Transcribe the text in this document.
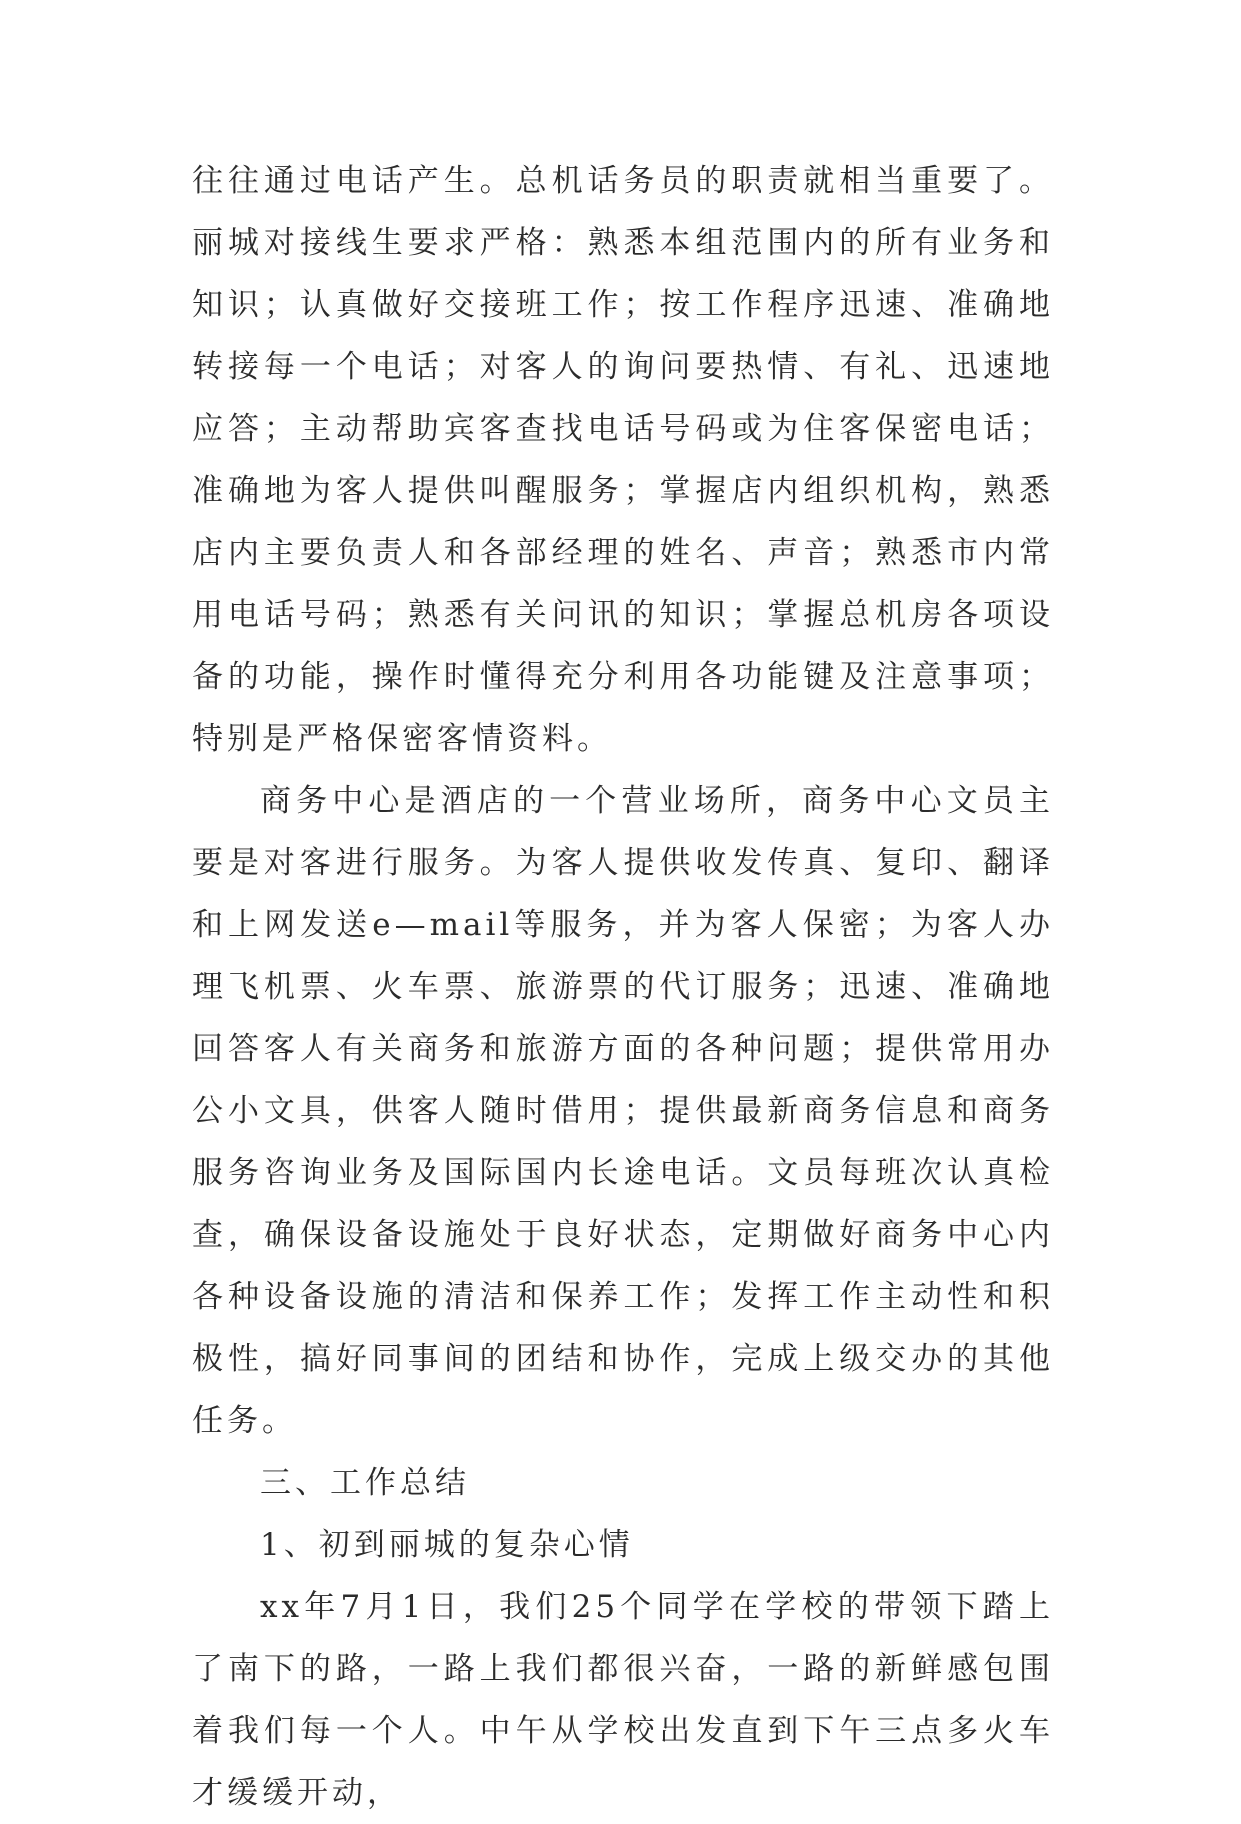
往往通过电话产生。总机话务员的职责就相当重要了。丽城对接线生要求严格：熟悉本组范围内的所有业务和知识；认真做好交接班工作；按工作程序迅速、准确地转接每一个电话；对客人的询问要热情、有礼、迅速地应答；主动帮助宾客查找电话号码或为住客保密电话；准确地为客人提供叫醒服务；掌握店内组织机构，熟悉店内主要负责人和各部经理的姓名、声音；熟悉市内常用电话号码；熟悉有关问讯的知识；掌握总机房各项设备的功能，操作时懂得充分利用各功能键及注意事项；特别是严格保密客情资料。

商务中心是酒店的一个营业场所，商务中心文员主要是对客进行服务。为客人提供收发传真、复印、翻译和上网发送e—mail等服务，并为客人保密；为客人办理飞机票、火车票、旅游票的代订服务；迅速、准确地回答客人有关商务和旅游方面的各种问题；提供常用办公小文具，供客人随时借用；提供最新商务信息和商务服务咨询业务及国际国内长途电话。文员每班次认真检查，确保设备设施处于良好状态，定期做好商务中心内各种设备设施的清洁和保养工作；发挥工作主动性和积极性，搞好同事间的团结和协作，完成上级交办的其他任务。

三、工作总结

1、初到丽城的复杂心情

xx年7月1日，我们25个同学在学校的带领下踏上了南下的路，一路上我们都很兴奋，一路的新鲜感包围着我们每一个人。中午从学校出发直到下午三点多火车才缓缓开动，
